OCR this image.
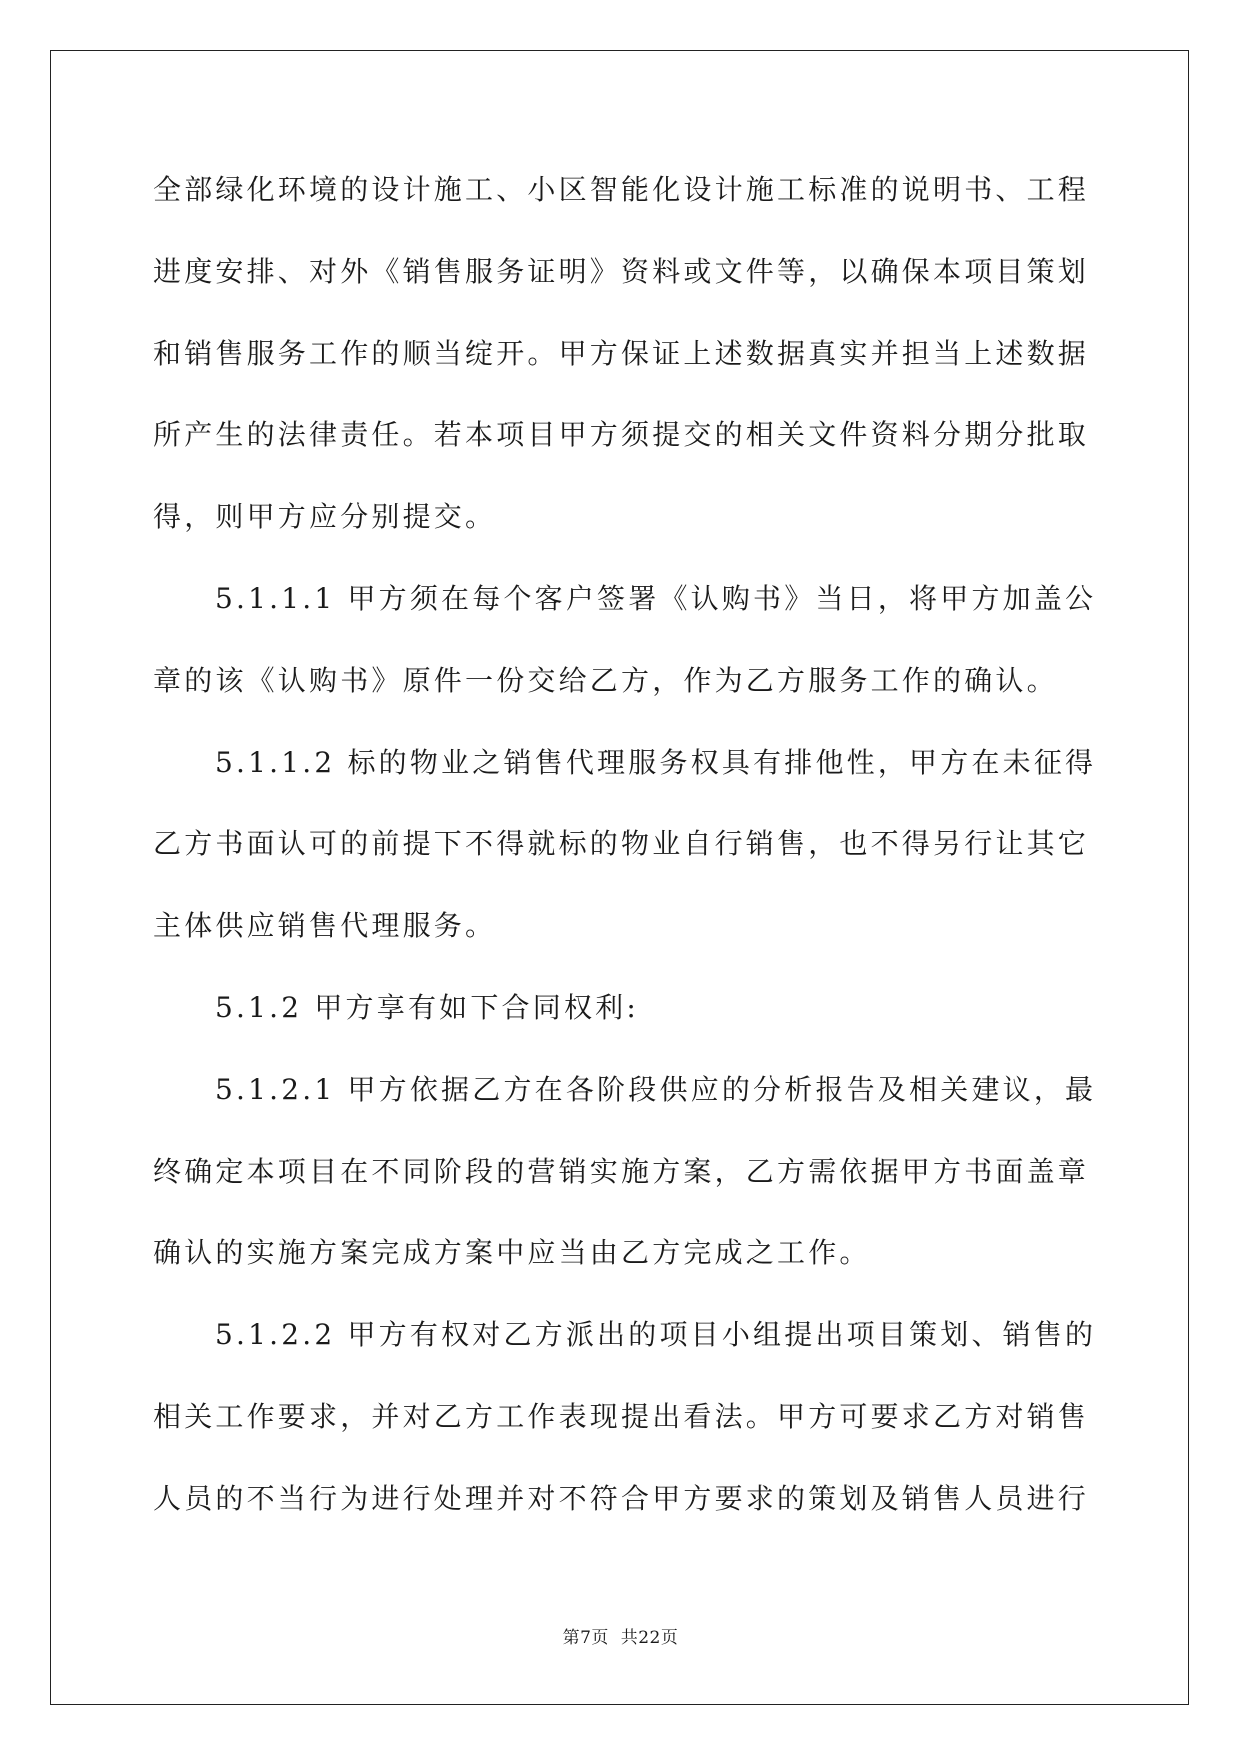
全部绿化环境的设计施工、小区智能化设计施工标准的说明书、工程
进度安排、对外《销售服务证明》资料或文件等，以确保本项目策划
和销售服务工作的顺当绽开。甲方保证上述数据真实并担当上述数据
所产生的法律责任。若本项目甲方须提交的相关文件资料分期分批取
得，则甲方应分别提交。
5.1.1.1 甲方须在每个客户签署《认购书》当日，将甲方加盖公
章的该《认购书》原件一份交给乙方，作为乙方服务工作的确认。
5.1.1.2 标的物业之销售代理服务权具有排他性，甲方在未征得
乙方书面认可的前提下不得就标的物业自行销售，也不得另行让其它
主体供应销售代理服务。
5.1.2 甲方享有如下合同权利:
5.1.2.1 甲方依据乙方在各阶段供应的分析报告及相关建议，最
终确定本项目在不同阶段的营销实施方案，乙方需依据甲方书面盖章
确认的实施方案完成方案中应当由乙方完成之工作。
5.1.2.2 甲方有权对乙方派出的项目小组提出项目策划、销售的
相关工作要求，并对乙方工作表现提出看法。甲方可要求乙方对销售
人员的不当行为进行处理并对不符合甲方要求的策划及销售人员进行
第7页  共22页
